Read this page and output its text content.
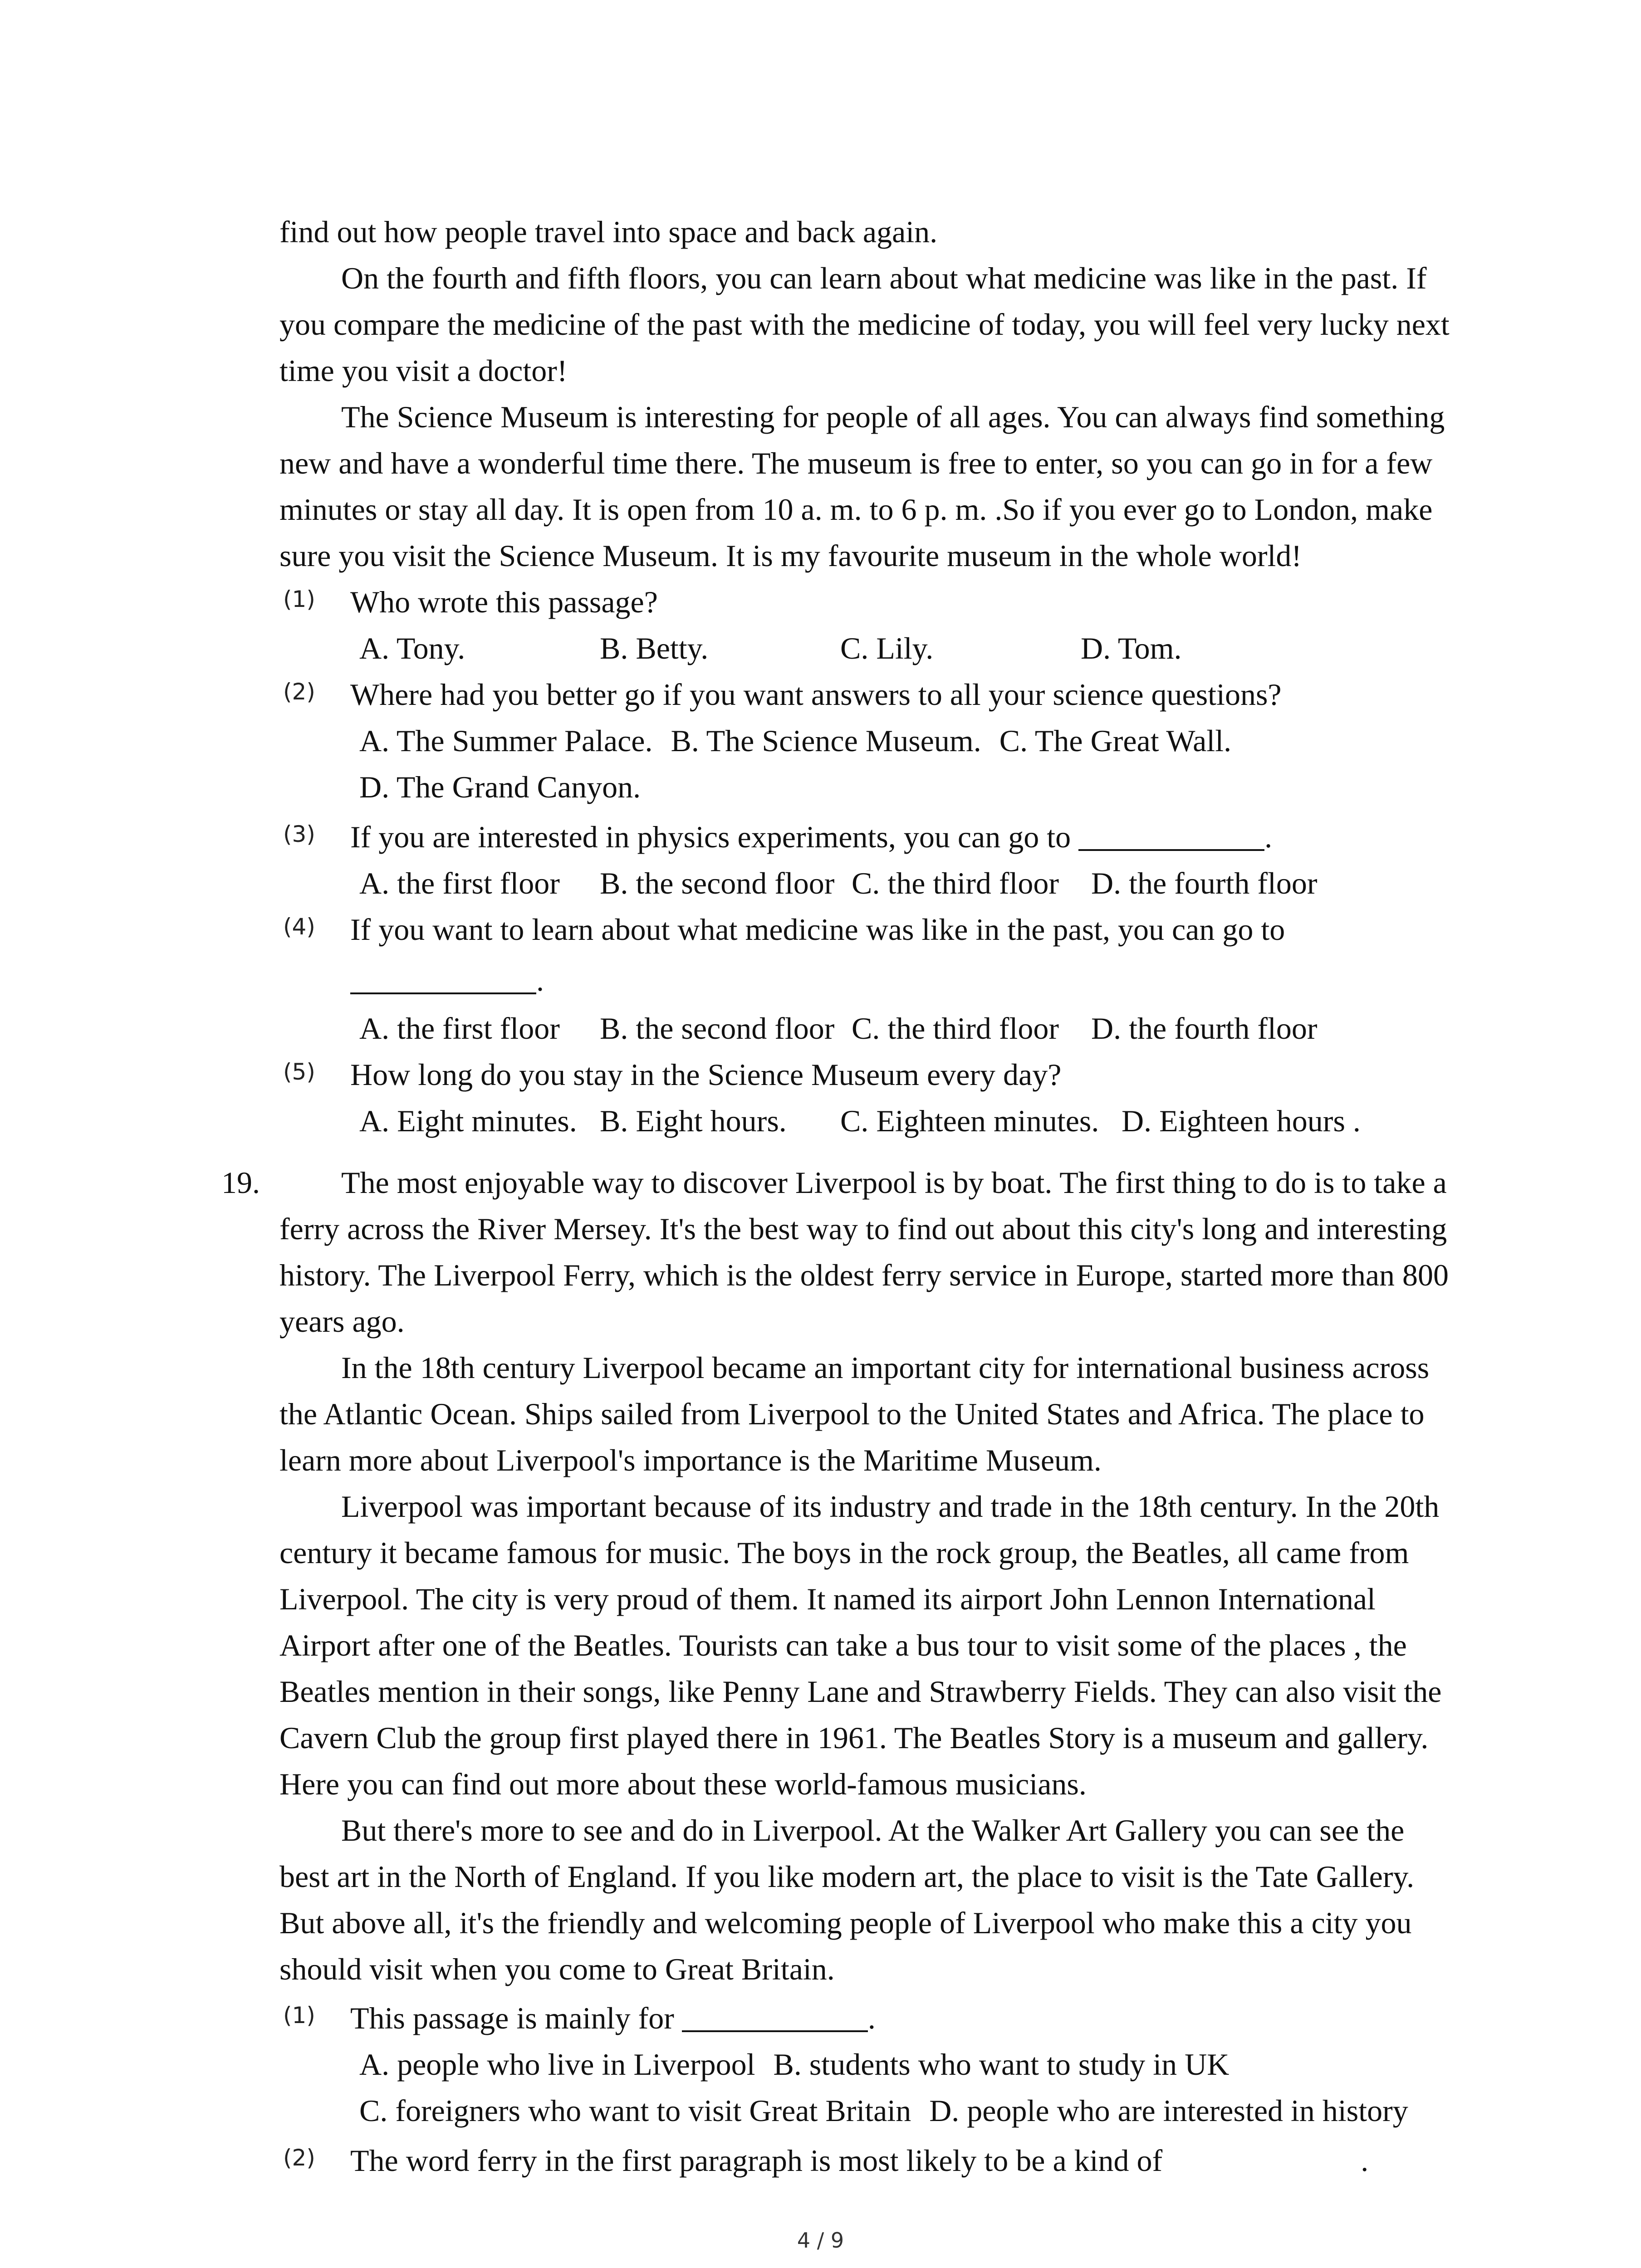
find out how people travel into space and back again.

On the fourth and fifth floors, you can learn about what medicine was like in the past. If you compare the medicine of the past with the medicine of today, you will feel very lucky next time you visit a doctor!

The Science Museum is interesting for people of all ages. You can always find something new and have a wonderful time there. The museum is free to enter, so you can go in for a few minutes or stay all day. It is open from 10 a. m. to 6 p. m. .So if you ever go to London, make sure you visit the Science Museum. It is my favourite museum in the whole world!

(1) Who wrote this passage?

A. Tony.	B. Betty.	C. Lily.	D. Tom.

(2) Where had you better go if you want answers to all your science questions?

A. The Summer Palace. B. The Science Museum. C. The Great Wall.

D. The Grand Canyon.

(3) If you are interested in physics experiments, you can go to	.

A. the first floor B. the second floor C. the third floor D. the fourth floor

(4) If you want to learn about what medicine was like in the past, you can go to

.

A. the first floor B. the second floor C. the third floor D. the fourth floor

(5) How long do you stay in the Science Museum every day?

A. Eight minutes. B. Eight hours. C. Eighteen minutes. D. Eighteen hours .

19.	The most enjoyable way to discover Liverpool is by boat. The first thing to do is to take a ferry across the River Mersey. It's the best way to find out about this city's long and interesting history. The Liverpool Ferry, which is the oldest ferry service in Europe, started more than 800 years ago.

In the 18th century Liverpool became an important city for international business across the Atlantic Ocean. Ships sailed from Liverpool to the United States and Africa. The place to learn more about Liverpool's importance is the Maritime Museum.

Liverpool was important because of its industry and trade in the 18th century. In the 20th century it became famous for music. The boys in the rock group, the Beatles, all came from Liverpool. The city is very proud of them. It named its airport John Lennon International Airport after one of the Beatles. Tourists can take a bus tour to visit some of the places , the Beatles mention in their songs, like Penny Lane and Strawberry Fields. They can also visit the Cavern Club the group first played there in 1961. The Beatles Story is a museum and gallery. Here you can find out more about these world-famous musicians.

But there's more to see and do in Liverpool. At the Walker Art Gallery you can see the best art in the North of England. If you like modern art, the place to visit is the Tate Gallery. But above all, it's the friendly and welcoming people of Liverpool who make this a city you should visit when you come to Great Britain.

(1) This passage is mainly for	.

A. people who live in Liverpool B. students who want to study in UK

C. foreigners who want to visit Great Britain D. people who are interested in history

(2) The word ferry in the first paragraph is most likely to be a kind of	.

4 / 9
